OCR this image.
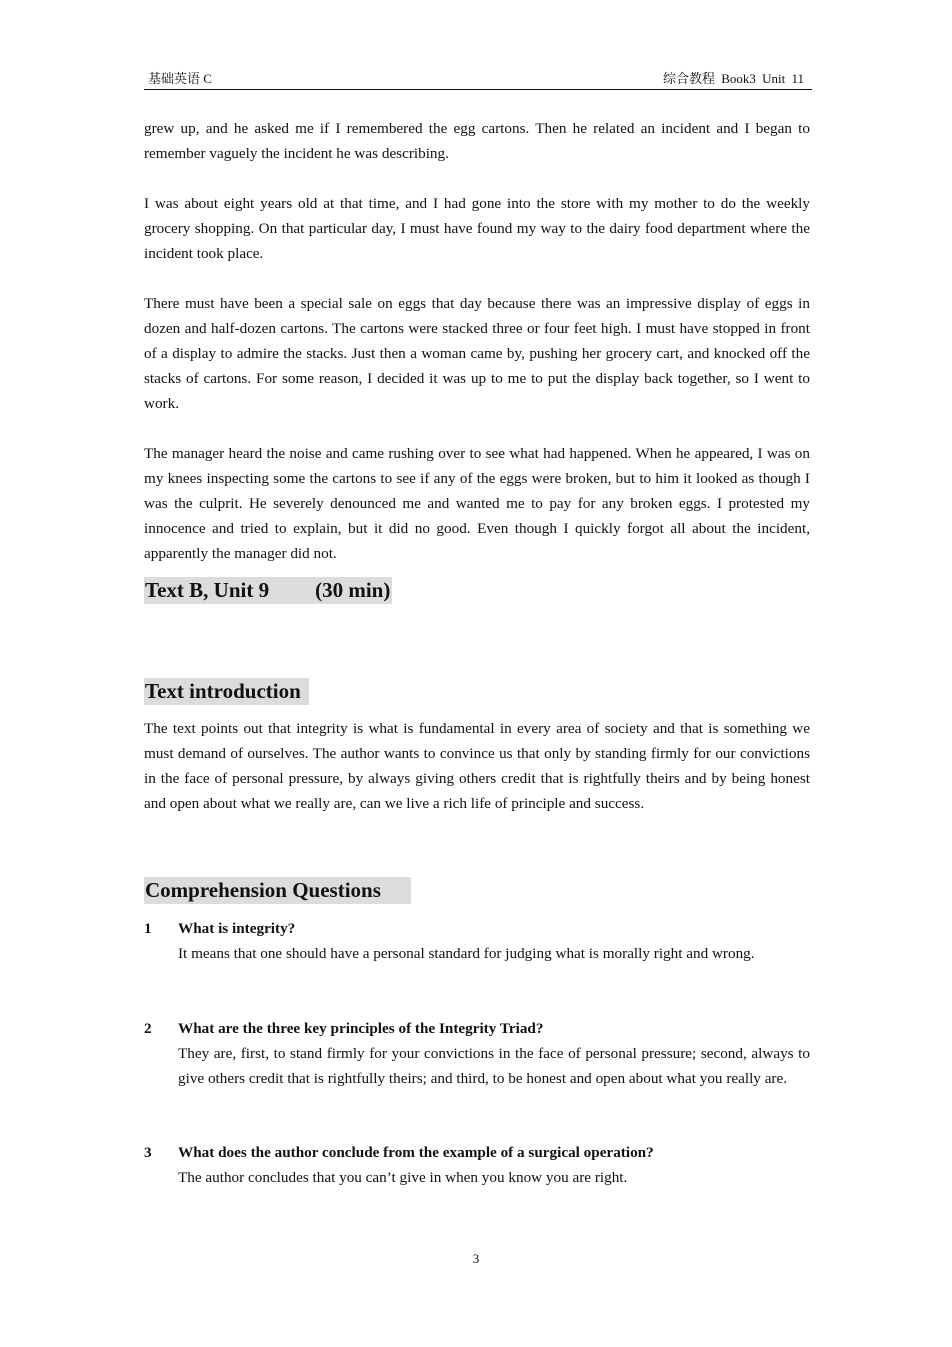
基础英语 C	综合教程 Book3 Unit 11

grew up, and he asked me if I remembered the egg cartons. Then he related an incident and I began to remember vaguely the incident he was describing.

I was about eight years old at that time, and I had gone into the store with my mother to do the weekly grocery shopping. On that particular day, I must have found my way to the dairy food department where the incident took place.

There must have been a special sale on eggs that day because there was an impressive display of eggs in dozen and half-dozen cartons. The cartons were stacked three or four feet high. I must have stopped in front of a display to admire the stacks. Just then a woman came by, pushing her grocery cart, and knocked off the stacks of cartons. For some reason, I decided it was up to me to put the display back together, so I went to work.

The manager heard the noise and came rushing over to see what had happened. When he appeared, I was on my knees inspecting some the cartons to see if any of the eggs were broken, but to him it looked as though I was the culprit. He severely denounced me and wanted me to pay for any broken eggs. I protested my innocence and tried to explain, but it did no good. Even though I quickly forgot all about the incident, apparently the manager did not.

Text B, Unit 9 (30 min)
Text introduction

The text points out that integrity is what is fundamental in every area of society and that is something we must demand of ourselves. The author wants to convince us that only by standing firmly for our convictions in the face of personal pressure, by always giving others credit that is rightfully theirs and by being honest and open about what we really are, can we live a rich life of principle and success.

Comprehension Questions
1 What is integrity?

It means that one should have a personal standard for judging what is morally right and wrong.

2 What are the three key principles of the Integrity Triad?

They are, first, to stand firmly for your convictions in the face of personal pressure; second, always to give others credit that is rightfully theirs; and third, to be honest and open about what you really are.

3 What does the author conclude from the example of a surgical operation?

The author concludes that you can’t give in when you know you are right.

3
